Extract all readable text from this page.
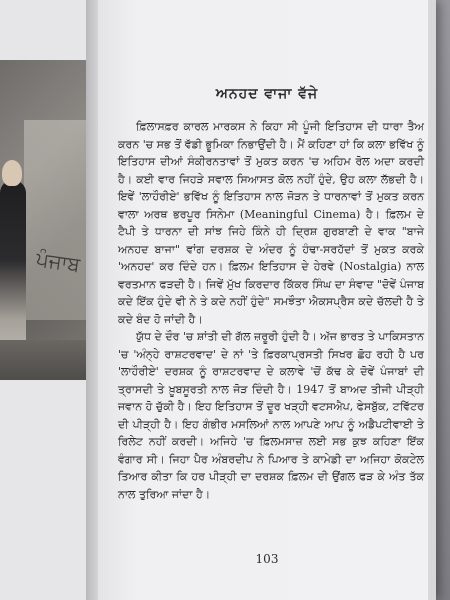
ਪੰਜਾਬ
ਅਨਹਦ ਵਾਜਾ ਵੱਜੇ

ਫ਼ਿਲਾਸਫ਼ਰ ਕਾਰਲ ਮਾਰਕਸ ਨੇ ਕਿਹਾ ਸੀ ਪੂੰਜੀ ਇਤਿਹਾਸ ਦੀ ਧਾਰਾ ਤੈਅ ਕਰਨ 'ਚ ਸਭ ਤੋਂ ਵੱਡੀ ਭੂਮਿਕਾ ਨਿਭਾਉਂਦੀ ਹੈ। ਮੈਂ ਕਹਿਣਾ ਹਾਂ ਕਿ ਕਲਾ ਭਵਿੱਖ ਨੂੰ ਇਤਿਹਾਸ ਦੀਆਂ ਸੰਕੀਰਨਤਾਵਾਂ ਤੋਂ ਮੁਕਤ ਕਰਨ 'ਚ ਅਹਿਮ ਰੋਲ ਅਦਾ ਕਰਦੀ ਹੈ। ਕਈ ਵਾਰ ਜਿਹੜੇ ਸਵਾਲ ਸਿਆਸਤ ਕੋਲ ਨਹੀਂ ਹੁੰਦੇ, ਉਹ ਕਲਾ ਲੱਭਦੀ ਹੈ। ਇਵੇਂ 'ਲਾਹੌਰੀਏ' ਭਵਿੱਖ ਨੂੰ ਇਤਿਹਾਸ ਨਾਲ ਜੋੜਨ ਤੇ ਧਾਰਨਾਵਾਂ ਤੋਂ ਮੁਕਤ ਕਰਨ ਵਾਲਾ ਅਰਥ ਭਰਪੂਰ ਸਿਨੇਮਾ (Meaningful Cinema) ਹੈ। ਫ਼ਿਲਮ ਦੇ ਟੈਪੀ ਤੇ ਧਾਰਨਾ ਦੀ ਸਾਂਝ ਜਿਹੇ ਕਿੰਨੇ ਹੀ ਦ੍ਰਿਸ਼ ਗੁਰਬਾਣੀ ਦੇ ਵਾਕ "ਬਾਜੇ ਅਨਹਦ ਬਾਜਾ" ਵਾਂਗ ਦਰਸ਼ਕ ਦੇ ਅੰਦਰ ਨੂੰ ਹੰਢਾ-ਸਰਹੱਦਾਂ ਤੋਂ ਮੁਕਤ ਕਰਕੇ 'ਅਨਹਦ' ਕਰ ਦਿੰਦੇ ਹਨ। ਫ਼ਿਲਮ ਇਤਿਹਾਸ ਦੇ ਹੇਰਵੇ (Nostalgia) ਨਾਲ ਵਰਤਮਾਨ ਫੜਦੀ ਹੈ। ਜਿਵੇਂ ਮੁੱਖ ਕਿਰਦਾਰ ਕਿੱਕਰ ਸਿੰਘ ਦਾ ਸੰਵਾਦ "ਦੋਵੇਂ ਪੰਜਾਬ ਕਦੇ ਇੱਕ ਹੁੰਦੇ ਵੀ ਨੇ ਤੇ ਕਦੇ ਨਹੀਂ ਹੁੰਦੇ" ਸਮਝੌਤਾ ਐਕਸਪ੍ਰੈਸ ਕਦੇ ਚੱਲਦੀ ਹੈ ਤੇ ਕਦੇ ਬੰਦ ਹੋ ਜਾਂਦੀ ਹੈ।

ਯੁੱਧ ਦੇ ਦੌਰ 'ਚ ਸ਼ਾਂਤੀ ਦੀ ਗੱਲ ਜ਼ਰੂਰੀ ਹੁੰਦੀ ਹੈ। ਅੱਜ ਭਾਰਤ ਤੇ ਪਾਕਿਸਤਾਨ 'ਚ 'ਅੰਨ੍ਹੇ ਰਾਸ਼ਟਰਵਾਦ' ਦੇ ਨਾਂ 'ਤੇ ਫ਼ਿਰਕਾਪ੍ਰਸਤੀ ਸਿਖਰ ਛੋਹ ਰਹੀ ਹੈ ਪਰ 'ਲਾਹੌਰੀਏ' ਦਰਸ਼ਕ ਨੂੰ ਰਾਸ਼ਟਰਵਾਦ ਦੇ ਕਲਾਵੇ 'ਚੋਂ ਕੱਢ ਕੇ ਦੋਵੇਂ ਪੰਜਾਬਾਂ ਦੀ ਤ੍ਰਾਸਦੀ ਤੇ ਖ਼ੂਬਸੂਰਤੀ ਨਾਲ ਜੋੜ ਦਿੰਦੀ ਹੈ। 1947 ਤੋਂ ਬਾਅਦ ਤੀਜੀ ਪੀੜ੍ਹੀ ਜਵਾਨ ਹੋ ਚੁੱਕੀ ਹੈ। ਇਹ ਇਤਿਹਾਸ ਤੋਂ ਦੂਰ ਖੜ੍ਹੀ ਵਟਸਐਪ, ਫੇਸਬੁੱਕ, ਟਵਿੱਟਰ ਦੀ ਪੀੜ੍ਹੀ ਹੈ। ਇਹ ਗੰਭੀਰ ਮਸਲਿਆਂ ਨਾਲ ਆਪਣੇ ਆਪ ਨੂੰ ਅਡੈਪਟੀਵਾਈ ਤੇ ਰਿਲੇਟ ਨਹੀਂ ਕਰਦੀ। ਅਜਿਹੇ 'ਚ ਫ਼ਿਲਮਸਾਜ਼ ਲਈ ਸਭ ਕੁਝ ਕਹਿਣਾ ਇੱਕ ਵੰਗਾਰ ਸੀ। ਜਿਹਾ ਪੈਰ ਅੰਬਰਦੀਪ ਨੇ ਪਿਆਰ ਤੇ ਕਾਮੇਡੀ ਦਾ ਅਜਿਹਾ ਕੋਕਟੇਲ ਤਿਆਰ ਕੀਤਾ ਕਿ ਹਰ ਪੀੜ੍ਹੀ ਦਾ ਦਰਸ਼ਕ ਫ਼ਿਲਮ ਦੀ ਉਂਗਲ ਫੜ ਕੇ ਅੰਤ ਤੱਕ ਨਾਲ ਤੁਰਿਆ ਜਾਂਦਾ ਹੈ।

103
